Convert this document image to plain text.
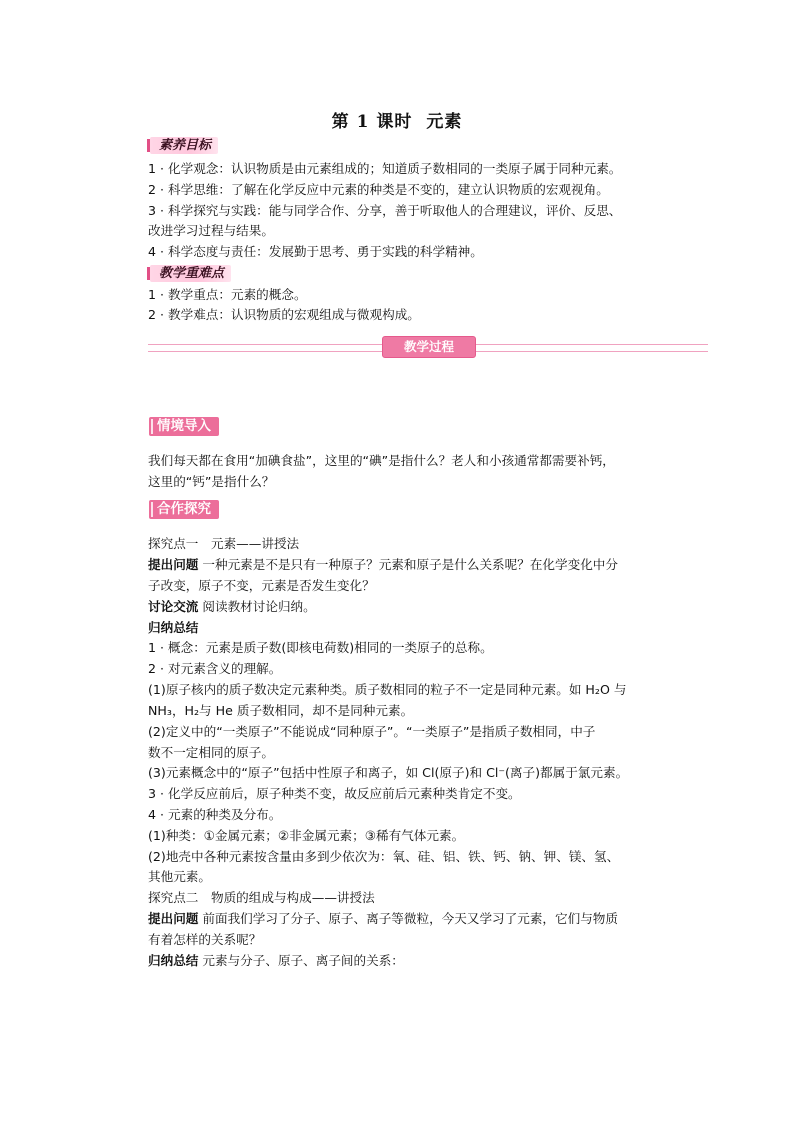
第 1 课时 元素
素养目标
1 · 化学观念：认识物质是由元素组成的；知道质子数相同的一类原子属于同种元素。
2 · 科学思维：了解在化学反应中元素的种类是不变的，建立认识物质的宏观视角。
3 · 科学探究与实践：能与同学合作、分享，善于听取他人的合理建议，评价、反思、
改进学习过程与结果。
4 · 科学态度与责任：发展勤于思考、勇于实践的科学精神。
教学重难点
1 · 教学重点：元素的概念。
2 · 教学难点：认识物质的宏观组成与微观构成。
教学过程
情境导入
我们每天都在食用“加碘食盐”，这里的“碘”是指什么？老人和小孩通常都需要补钙，
这里的“钙”是指什么？
合作探究
探究点一　元素——讲授法
提出问题 一种元素是不是只有一种原子？元素和原子是什么关系呢？在化学变化中分
子改变，原子不变，元素是否发生变化？
讨论交流 阅读教材讨论归纳。
归纳总结
1 · 概念：元素是质子数(即核电荷数)相同的一类原子的总称。
2 · 对元素含义的理解。
(1)原子核内的质子数决定元素种类。质子数相同的粒子不一定是同种元素。如 H₂O 与
NH₃，H₂与 He 质子数相同，却不是同种元素。
(2)定义中的“一类原子”不能说成“同种原子”。“一类原子”是指质子数相同，中子
数不一定相同的原子。
(3)元素概念中的“原子”包括中性原子和离子，如 Cl(原子)和 Cl⁻(离子)都属于氯元素。
3 · 化学反应前后，原子种类不变，故反应前后元素种类肯定不变。
4 · 元素的种类及分布。
(1)种类：①金属元素；②非金属元素；③稀有气体元素。
(2)地壳中各种元素按含量由多到少依次为：氧、硅、铝、铁、钙、钠、钾、镁、氢、
其他元素。
探究点二　物质的组成与构成——讲授法
提出问题 前面我们学习了分子、原子、离子等微粒，今天又学习了元素，它们与物质
有着怎样的关系呢？
归纳总结 元素与分子、原子、离子间的关系：
